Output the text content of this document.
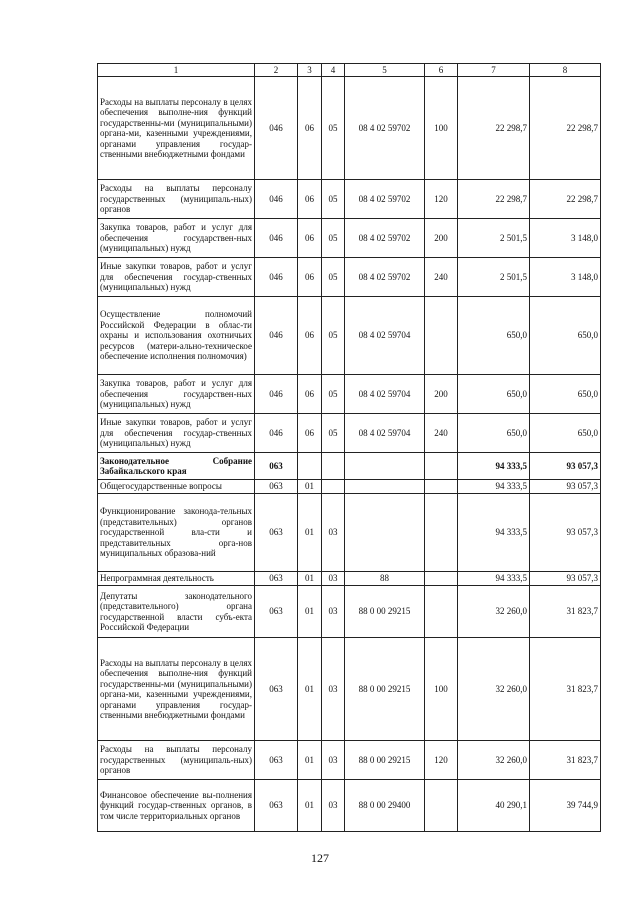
1	2	3	4	5	6	7	8
Расходы на выплаты персоналу в целях обеспечения выполне-ния функций государственны-ми (муниципальными) органа-ми, казенными учреждениями, органами управления государ-ственными внебюджетными фондами	046	06	05	08 4 02 59702	100	22 298,7	22 298,7
Расходы на выплаты персоналу государственных (муниципаль-ных) органов	046	06	05	08 4 02 59702	120	22 298,7	22 298,7
Закупка товаров, работ и услуг для обеспечения государствен-ных (муниципальных) нужд	046	06	05	08 4 02 59702	200	2 501,5	3 148,0
Иные закупки товаров, работ и услуг для обеспечения государ-ственных (муниципальных) нужд	046	06	05	08 4 02 59702	240	2 501,5	3 148,0
Осуществление полномочий Российской Федерации в облас-ти охраны и использования охотничьих ресурсов (матери-ально-техническое обеспечение исполнения полномочия)	046	06	05	08 4 02 59704		650,0	650,0
Закупка товаров, работ и услуг для обеспечения государствен-ных (муниципальных) нужд	046	06	05	08 4 02 59704	200	650,0	650,0
Иные закупки товаров, работ и услуг для обеспечения государ-ственных (муниципальных) нужд	046	06	05	08 4 02 59704	240	650,0	650,0
Законодательное Собрание Забайкальского края	063					94 333,5	93 057,3
Общегосударственные вопросы	063	01				94 333,5	93 057,3
Функционирование законода-тельных (представительных) органов государственной вла-сти и представительных орга-нов муниципальных образова-ний	063	01	03			94 333,5	93 057,3
Непрограммная деятельность	063	01	03	88		94 333,5	93 057,3
Депутаты законодательного (представительного) органа государственной власти субъ-екта Российской Федерации	063	01	03	88 0 00 29215		32 260,0	31 823,7
Расходы на выплаты персоналу в целях обеспечения выполне-ния функций государственны-ми (муниципальными) органа-ми, казенными учреждениями, органами управления государ-ственными внебюджетными фондами	063	01	03	88 0 00 29215	100	32 260,0	31 823,7
Расходы на выплаты персоналу государственных (муниципаль-ных) органов	063	01	03	88 0 00 29215	120	32 260,0	31 823,7
Финансовое обеспечение вы-полнения функций государ-ственных органов, в том числе территориальных органов	063	01	03	88 0 00 29400		40 290,1	39 744,9
127
